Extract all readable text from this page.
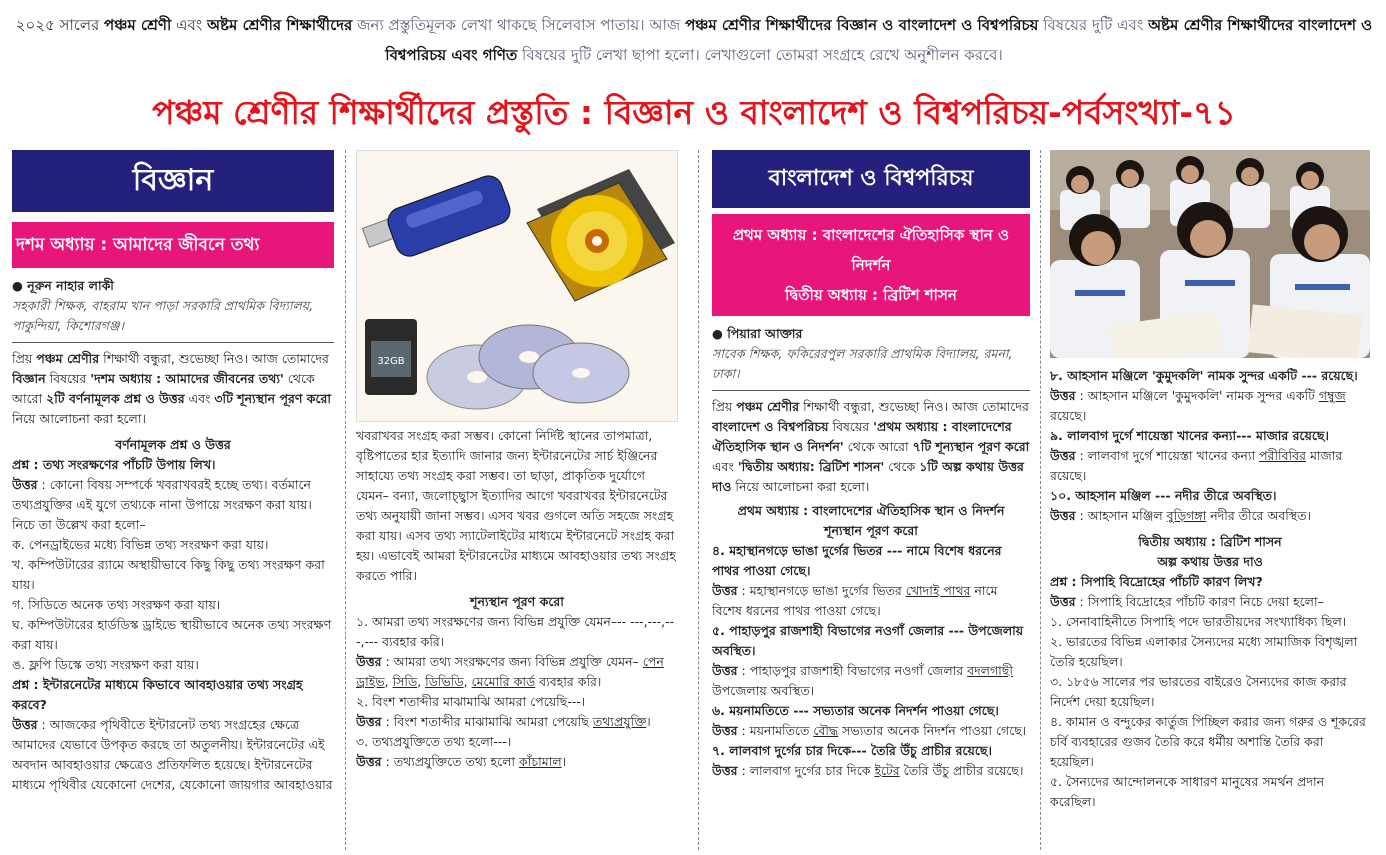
২০২৫ সালের পঞ্চম শ্রেণী এবং অষ্টম শ্রেণীর শিক্ষার্থীদের জন্য প্রস্তুতিমূলক লেখা থাকছে সিলেবাস পাতায়। আজ পঞ্চম শ্রেণীর শিক্ষার্থীদের বিজ্ঞান ও বাংলাদেশ ও বিশ্বপরিচয় বিষয়ের দুটি এবং অষ্টম শ্রেণীর শিক্ষার্থীদের বাংলাদেশ ও বিশ্বপরিচয় এবং গণিত বিষয়ের দুটি লেখা ছাপা হলো। লেখাগুলো তোমরা সংগ্রহে রেখে অনুশীলন করবে।
পঞ্চম শ্রেণীর শিক্ষার্থীদের প্রস্তুতি : বিজ্ঞান ও বাংলাদেশ ও বিশ্বপরিচয়-পর্বসংখ্যা-৭১
বিজ্ঞান
দশম অধ্যায় : আমাদের জীবনে তথ্য
● নূরুন নাহার লাকী
সহকারী শিক্ষক, বাহরাম খান পাড়া সরকারি প্রাথমিক বিদ্যালয়, পাকুন্দিয়া, কিশোরগঞ্জ।

প্রিয় পঞ্চম শ্রেণীর শিক্ষার্থী বন্ধুরা, শুভেচ্ছা নিও। আজ তোমাদের বিজ্ঞান বিষয়ের 'দশম অধ্যায় : আমাদের জীবনের তথ্য' থেকে আরো ২টি বর্ণনামূলক প্রশ্ন ও উত্তর এবং ৩টি শূন্যস্থান পূরণ করো নিয়ে আলোচনা করা হলো।

বর্ণনামূলক প্রশ্ন ও উত্তর

প্রশ্ন : তথ্য সংরক্ষণের পাঁচটি উপায় লিখ।

উত্তর : কোনো বিষয় সম্পর্কে খবরাখবরই হচ্ছে তথ্য। বর্তমানে তথ্যপ্রযুক্তির এই যুগে তথ্যকে নানা উপায়ে সংরক্ষণ করা যায়। নিচে তা উল্লেখ করা হলো–

ক. পেনড্রাইভের মধ্যে বিভিন্ন তথ্য সংরক্ষণ করা যায়।

খ. কম্পিউটারের র‍্যামে অস্থায়ীভাবে কিছু কিছু তথ্য সংরক্ষণ করা যায়।

গ. সিডিতে অনেক তথ্য সংরক্ষণ করা যায়।

ঘ. কম্পিউটারের হার্ডডিস্ক ড্রাইভে স্থায়ীভাবে অনেক তথ্য সংরক্ষণ করা যায়।

ঙ. ফ্লপি ডিস্কে তথ্য সংরক্ষণ করা যায়।

প্রশ্ন : ইন্টারনেটের মাধ্যমে কিভাবে আবহাওয়ার তথ্য সংগ্রহ করবে?

উত্তর : আজকের পৃথিবীতে ইন্টারনেট তথ্য সংগ্রহের ক্ষেত্রে আমাদের যেভাবে উপকৃত করছে তা অতুলনীয়। ইন্টারনেটের এই অবদান আবহাওয়ার ক্ষেত্রেও প্রতিফলিত হয়েছে। ইন্টারনেটের মাধ্যমে পৃথিবীর যেকোনো দেশের, যেকোনো জায়গার আবহাওয়ার

32GB

খবরাখবর সংগ্রহ করা সম্ভব। কোনো নির্দিষ্ট স্থানের তাপমাত্রা, বৃষ্টিপাতের হার ইত্যাদি জানার জন্য ইন্টারনেটের সার্চ ইঞ্জিনের সাহায্যে তথ্য সংগ্রহ করা সম্ভব। তা ছাড়া, প্রাকৃতিক দুর্যোগে যেমন– বন্যা, জলোচ্ছ্বাস ইত্যাদির আগে খবরাখবর ইন্টারনেটের তথ্য অনুযায়ী জানা সম্ভব। এসব খবর গুগলে অতি সহজে সংগ্রহ করা যায়। এসব তথ্য স্যাটেলাইটের মাধ্যমে ইন্টারনেটে সংগ্রহ করা হয়। এভাবেই আমরা ইন্টারনেটের মাধ্যমে আবহাওয়ার তথ্য সংগ্রহ করতে পারি।

শূন্যস্থান পূরণ করো

১. আমরা তথ্য সংরক্ষণের জন্য বিভিন্ন প্রযুক্তি যেমন–-- ---,---,---,--- ব্যবহার করি।

উত্তর : আমরা তথ্য সংরক্ষণের জন্য বিভিন্ন প্রযুক্তি যেমন– পেন ড্রাইভ, সিডি, ডিভিডি, মেমোরি কার্ড ব্যবহার করি।

২. বিংশ শতাব্দীর মাঝামাঝি আমরা পেয়েছি---।

উত্তর : বিংশ শতাব্দীর মাঝামাঝি আমরা পেয়েছি তথ্যপ্রযুক্তি।

৩. তথ্যপ্রযুক্তিতে তথ্য হলো---।

উত্তর : তথ্যপ্রযুক্তিতে তথ্য হলো কাঁচামাল।

বাংলাদেশ ও বিশ্বপরিচয়
প্রথম অধ্যায় : বাংলাদেশের ঐতিহাসিক স্থান ও নিদর্শন
দ্বিতীয় অধ্যায় : ব্রিটিশ শাসন
● পিয়ারা আক্তার
সাবেক শিক্ষক, ফকিরেরপুল সরকারি প্রাথমিক বিদ্যালয়, রমনা, ঢাকা।

প্রিয় পঞ্চম শ্রেণীর শিক্ষার্থী বন্ধুরা, শুভেচ্ছা নিও। আজ তোমাদের বাংলাদেশ ও বিশ্বপরিচয় বিষয়ের 'প্রথম অধ্যায় : বাংলাদেশের ঐতিহাসিক স্থান ও নিদর্শন' থেকে আরো ৭টি শূন্যস্থান পূরণ করো এবং 'দ্বিতীয় অধ্যায়: ব্রিটিশ শাসন' থেকে ১টি অল্প কথায় উত্তর দাও নিয়ে আলোচনা করা হলো।

প্রথম অধ্যায় : বাংলাদেশের ঐতিহাসিক স্থান ও নিদর্শন
শূন্যস্থান পূরণ করো

৪. মহাস্থানগড়ে ভাঙা দুর্গের ভিতর --- নামে বিশেষ ধরনের পাথর পাওয়া গেছে।

উত্তর : মহাস্থানগড়ে ভাঙা দুর্গের ভিতর খোদাই পাথর নামে বিশেষ ধরনের পাথর পাওয়া গেছে।

৫. পাহাড়পুর রাজশাহী বিভাগের নওগাঁ জেলার --- উপজেলায় অবস্থিত।

উত্তর : পাহাড়পুর রাজশাহী বিভাগের নওগাঁ জেলার বদলগাছী উপজেলায় অবস্থিত।

৬. ময়নামতিতে --- সভ্যতার অনেক নিদর্শন পাওয়া গেছে।

উত্তর : ময়নামতিতে বৌদ্ধ সভ্যতার অনেক নিদর্শন পাওয়া গেছে।

৭. লালবাগ দুর্গের চার দিকে--- তৈরি উঁচু প্রাচীর রয়েছে।

উত্তর : লালবাগ দুর্গের চার দিকে ইটের তৈরি উঁচু প্রাচীর রয়েছে।

৮. আহসান মঞ্জিলে 'কুমুদকলি' নামক সুন্দর একটি --- রয়েছে।

উত্তর : আহসান মঞ্জিলে 'কুমুদকলি' নামক সুন্দর একটি গম্বুজ রয়েছে।

৯. লালবাগ দুর্গে শায়েস্তা খানের কন্যা--- মাজার রয়েছে।

উত্তর : লালবাগ দুর্গে শায়েস্তা খানের কন্যা পরীবিবির মাজার রয়েছে।

১০. আহসান মঞ্জিল --- নদীর তীরে অবস্থিত।

উত্তর : আহসান মঞ্জিল বুড়িগঙ্গা নদীর তীরে অবস্থিত।

দ্বিতীয় অধ্যায় : ব্রিটিশ শাসন
অল্প কথায় উত্তর দাও

প্রশ্ন : সিপাহি বিদ্রোহের পাঁচটি কারণ লিখ?

উত্তর : সিপাহি বিদ্রোহের পাঁচটি কারণ নিচে দেয়া হলো–

১. সেনাবাহিনীতে সিপাহি পদে ভারতীয়দের সংখ্যাধিক্য ছিল।

২. ভারতের বিভিন্ন এলাকার সৈন্যদের মধ্যে সামাজিক বিশৃঙ্খলা তৈরি হয়েছিল।

৩. ১৮৫৬ সালের পর ভারতের বাইরেও সৈন্যদের কাজ করার নির্দেশ দেয়া হয়েছিল।

৪. কামান ও বন্দুকের কার্তুজ পিচ্ছিল করার জন্য গরুর ও শূকরের চর্বি ব্যবহারের গুজব তৈরি করে ধর্মীয় অশান্তি তৈরি করা হয়েছিল।

৫. সৈন্যদের আন্দোলনকে সাধারণ মানুষের সমর্থন প্রদান করেছিল।
